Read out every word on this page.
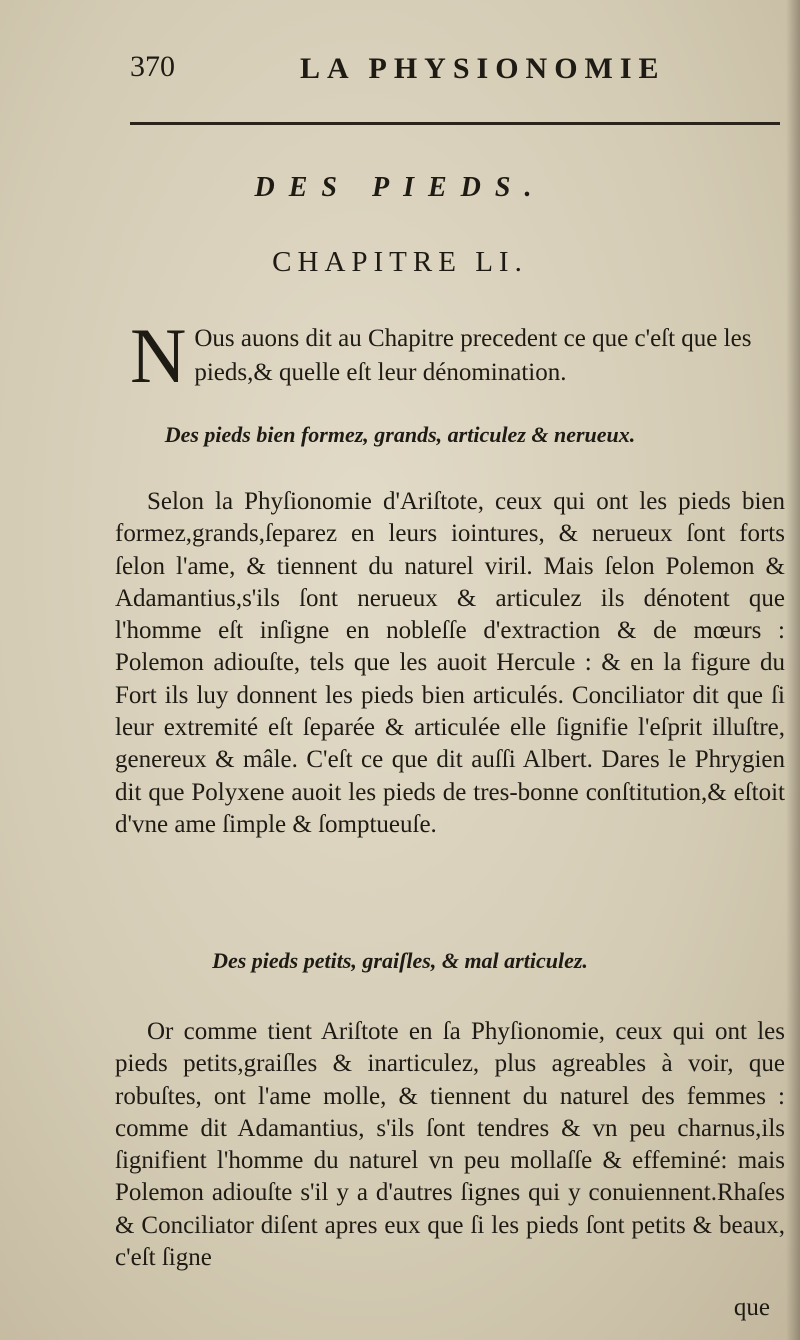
370	LA PHYSIONOMIE
DES PIEDS.
CHAPITRE LI.
N Ous auons dit au Chapitre precedent ce que c'eſt que les pieds,& quelle eſt leur dénomination.
Des pieds bien formez, grands, articulez & nerueux.
Selon la Phyſionomie d'Ariſtote, ceux qui ont les pieds bien formez,grands,ſeparez en leurs iointures, & nerueux ſont forts ſelon l'ame, & tiennent du naturel viril. Mais ſelon Polemon & Adamantius,s'ils ſont nerueux & articulez ils dénotent que l'homme eſt inſigne en nobleſſe d'extraction & de mœurs : Polemon adiouſte, tels que les auoit Hercule : & en la figure du Fort ils luy donnent les pieds bien articulés. Conciliator dit que ſi leur extremité eſt ſeparée & articulée elle ſignifie l'eſprit illuſtre, genereux & mâle. C'eſt ce que dit auſſi Albert. Dares le Phrygien dit que Polyxene auoit les pieds de tres-bonne conſtitution,& eſtoit d'vne ame ſimple & ſomptueuſe.
Des pieds petits, graiſles, & mal articulez.
Or comme tient Ariſtote en ſa Phyſionomie, ceux qui ont les pieds petits,graiſles & inarticulez, plus agreables à voir, que robuſtes, ont l'ame molle, & tiennent du naturel des femmes : comme dit Adamantius, s'ils ſont tendres & vn peu charnus,ils ſignifient l'homme du naturel vn peu mollaſſe & effeminé: mais Polemon adiouſte s'il y a d'autres ſignes qui y conuiennent.Rhaſes & Conciliator diſent apres eux que ſi les pieds ſont petits & beaux, c'eſt ſigne
que
